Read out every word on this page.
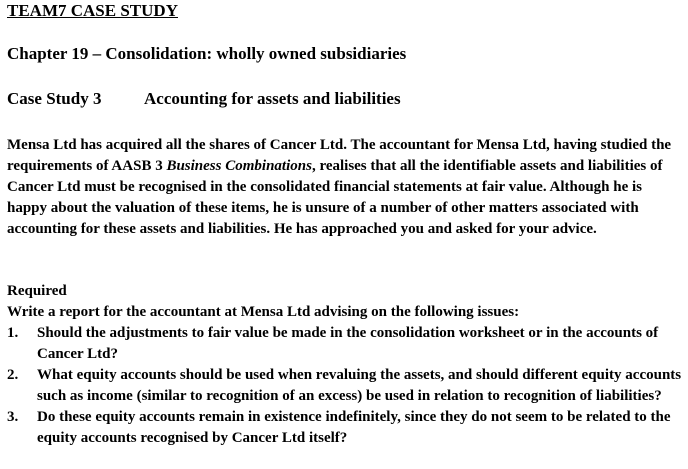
TEAM7 CASE STUDY
Chapter 19 – Consolidation: wholly owned subsidiaries
Case Study 3	Accounting for assets and liabilities

Mensa Ltd has acquired all the shares of Cancer Ltd. The accountant for Mensa Ltd, having studied the requirements of AASB 3 Business Combinations, realises that all the identifiable assets and liabilities of Cancer Ltd must be recognised in the consolidated financial statements at fair value. Although he is happy about the valuation of these items, he is unsure of a number of other matters associated with accounting for these assets and liabilities. He has approached you and asked for your advice.

Required

Write a report for the accountant at Mensa Ltd advising on the following issues:

1.	Should the adjustments to fair value be made in the consolidation worksheet or in the accounts of Cancer Ltd?
2.	What equity accounts should be used when revaluing the assets, and should different equity accounts such as income (similar to recognition of an excess) be used in relation to recognition of liabilities?
3.	Do these equity accounts remain in existence indefinitely, since they do not seem to be related to the equity accounts recognised by Cancer Ltd itself?
